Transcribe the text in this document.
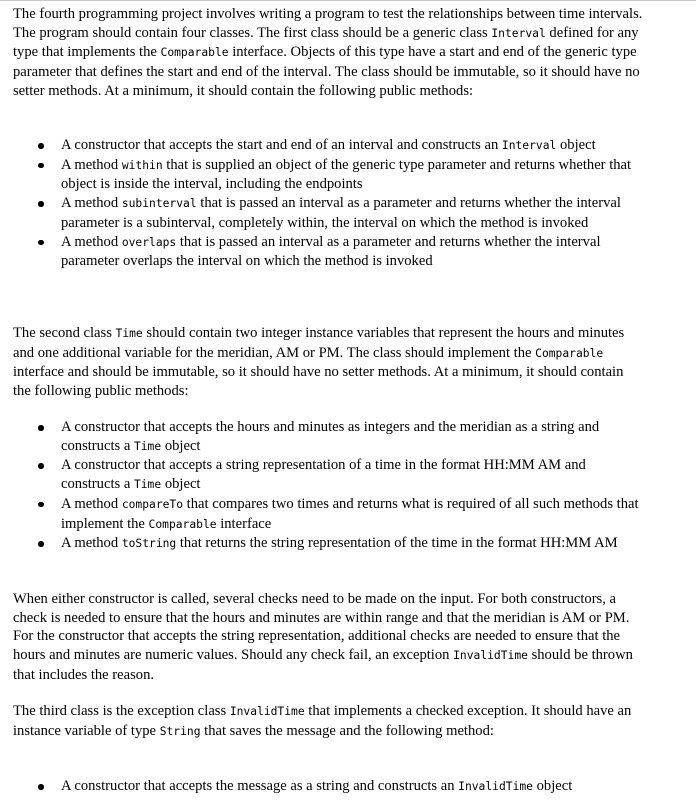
The fourth programming project involves writing a program to test the relationships between time intervals. The program should contain four classes. The first class should be a generic class Interval defined for any type that implements the Comparable interface. Objects of this type have a start and end of the generic type parameter that defines the start and end of the interval. The class should be immutable, so it should have no setter methods. At a minimum, it should contain the following public methods:

A constructor that accepts the start and end of an interval and constructs an Interval object
A method within that is supplied an object of the generic type parameter and returns whether that object is inside the interval, including the endpoints
A method subinterval that is passed an interval as a parameter and returns whether the interval parameter is a subinterval, completely within, the interval on which the method is invoked
A method overlaps that is passed an interval as a parameter and returns whether the interval parameter overlaps the interval on which the method is invoked

The second class Time should contain two integer instance variables that represent the hours and minutes and one additional variable for the meridian, AM or PM. The class should implement the Comparable interface and should be immutable, so it should have no setter methods. At a minimum, it should contain the following public methods:

A constructor that accepts the hours and minutes as integers and the meridian as a string and constructs a Time object
A constructor that accepts a string representation of a time in the format HH:MM AM and constructs a Time object
A method compareTo that compares two times and returns what is required of all such methods that implement the Comparable interface
A method toString that returns the string representation of the time in the format HH:MM AM

When either constructor is called, several checks need to be made on the input. For both constructors, a check is needed to ensure that the hours and minutes are within range and that the meridian is AM or PM. For the constructor that accepts the string representation, additional checks are needed to ensure that the hours and minutes are numeric values. Should any check fail, an exception InvalidTime should be thrown that includes the reason.

The third class is the exception class InvalidTime that implements a checked exception. It should have an instance variable of type String that saves the message and the following method:

A constructor that accepts the message as a string and constructs an InvalidTime object
